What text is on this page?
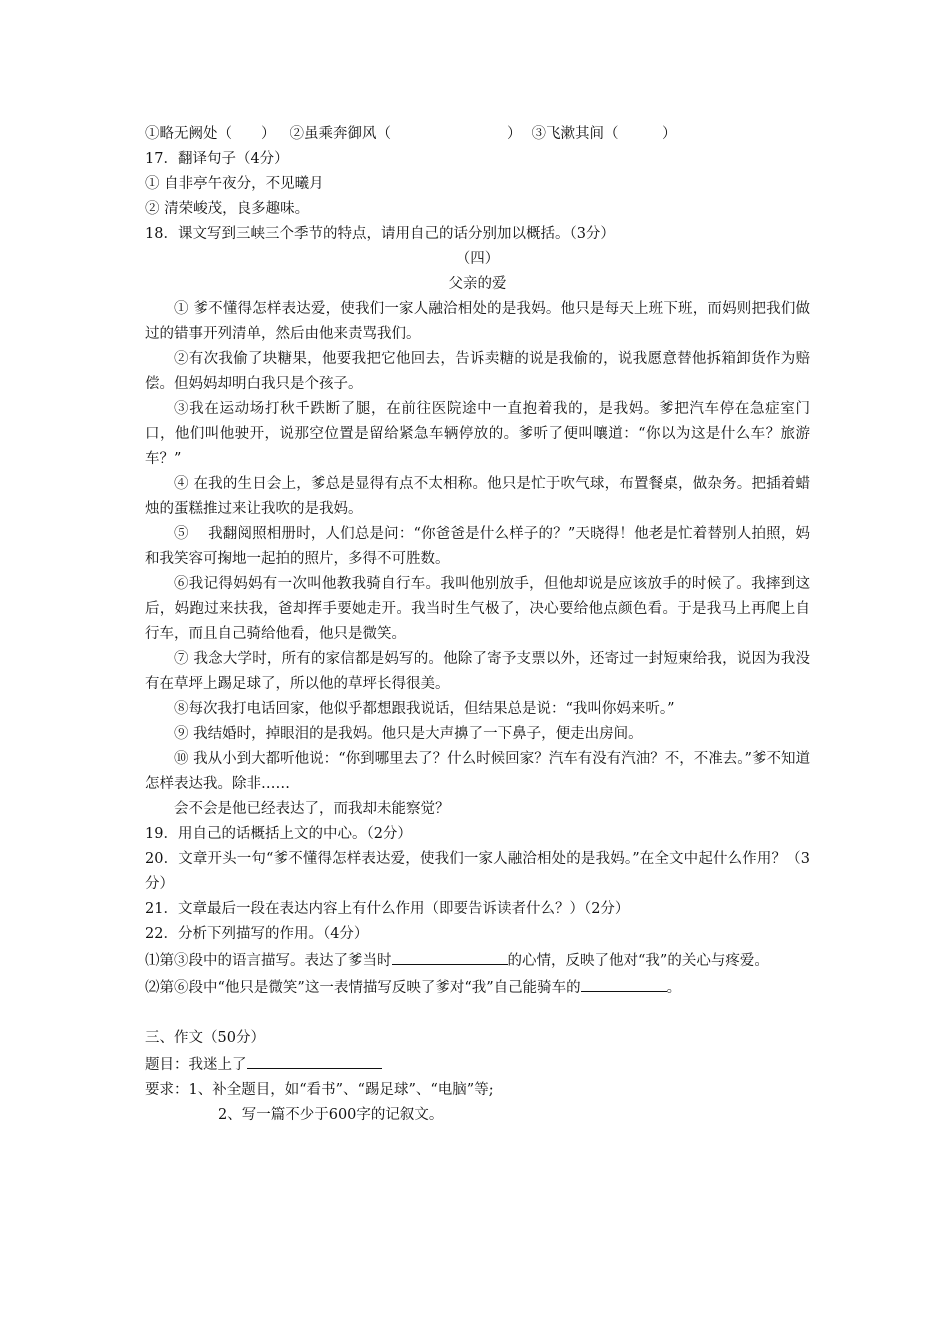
①略无阙处（　　） ②虽乘奔御风（　　　　　　　　） ③飞漱其间（　　　）
17．翻译句子（4分）
① 自非亭午夜分，不见曦月
② 清荣峻茂，良多趣味。
18．课文写到三峡三个季节的特点，请用自己的话分别加以概括。（3分）
（四）
父亲的爱
① 爹不懂得怎样表达爱，使我们一家人融洽相处的是我妈。他只是每天上班下班，而妈则把我们做过的错事开列清单，然后由他来责骂我们。
②有次我偷了块糖果，他要我把它他回去，告诉卖糖的说是我偷的，说我愿意替他拆箱卸货作为赔偿。但妈妈却明白我只是个孩子。
③我在运动场打秋千跌断了腿，在前往医院途中一直抱着我的，是我妈。爹把汽车停在急症室门口，他们叫他驶开，说那空位置是留给紧急车辆停放的。爹听了便叫嚷道：“你以为这是什么车？旅游车？”
④ 在我的生日会上，爹总是显得有点不太相称。他只是忙于吹气球，布置餐桌，做杂务。把插着蜡烛的蛋糕推过来让我吹的是我妈。
⑤　 我翻阅照相册时，人们总是问：“你爸爸是什么样子的？”天晓得！他老是忙着替别人拍照，妈和我笑容可掬地一起拍的照片，多得不可胜数。
⑥我记得妈妈有一次叫他教我骑自行车。我叫他别放手，但他却说是应该放手的时候了。我摔到这后，妈跑过来扶我，爸却挥手要她走开。我当时生气极了，决心要给他点颜色看。于是我马上再爬上自行车，而且自己骑给他看，他只是微笑。
⑦ 我念大学时，所有的家信都是妈写的。他除了寄予支票以外，还寄过一封短柬给我，说因为我没有在草坪上踢足球了，所以他的草坪长得很美。
⑧每次我打电话回家，他似乎都想跟我说话，但结果总是说：“我叫你妈来听。”
⑨ 我结婚时，掉眼泪的是我妈。他只是大声擤了一下鼻子，便走出房间。
⑩ 我从小到大都听他说：“你到哪里去了？什么时候回家？汽车有没有汽油？不，不准去。”爹不知道怎样表达我。除非……
会不会是他已经表达了，而我却未能察觉？
19．用自己的话概括上文的中心。（2分）
20．文章开头一句“爹不懂得怎样表达爱，使我们一家人融洽相处的是我妈。”在全文中起什么作用？（3分）
21．文章最后一段在表达内容上有什么作用（即要告诉读者什么？）（2分）
22．分析下列描写的作用。（4分）
⑴第③段中的语言描写。表达了爹当时	的心情，反映了他对“我”的关心与疼爱。
⑵第⑥段中“他只是微笑”这一表情描写反映了爹对“我”自己能骑车的	。
三、作文（50分）
题目：我迷上了
要求：1、补全题目，如“看书”、“踢足球”、“电脑”等;
2、写一篇不少于600字的记叙文。
